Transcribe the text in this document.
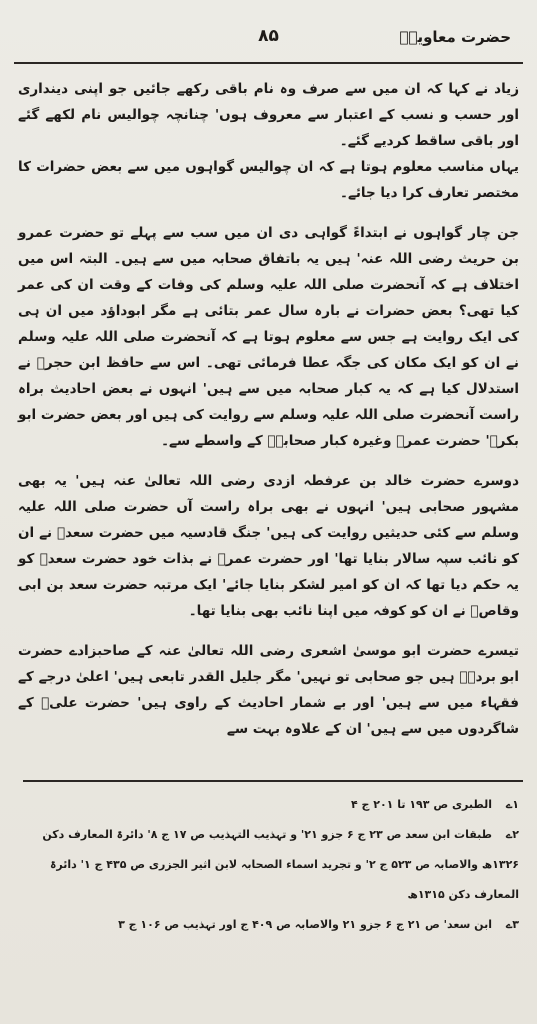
حضرت معاویہؓ
۸۵

زیاد نے کہا کہ ان میں سے صرف وہ نام باقی رکھے جائیں جو اپنی دینداری اور حسب و نسب کے اعتبار سے معروف ہوں' چنانچہ چوالیس نام لکھے گئے اور باقی ساقط کردیے گئے۔

یہاں مناسب معلوم ہوتا ہے کہ ان چوالیس گواہوں میں سے بعض حضرات کا مختصر تعارف کرا دیا جائے۔

جن چار گواہوں نے ابتداءً گواہی دی ان میں سب سے پہلے تو حضرت عمرو بن حریث رضی اللہ عنہ' ہیں یہ باتفاق صحابہ میں سے ہیں۔ البتہ اس میں اختلاف ہے کہ آنحضرت صلی اللہ علیہ وسلم کی وفات کے وقت ان کی عمر کیا تھی؟ بعض حضرات نے بارہ سال عمر بتائی ہے مگر ابوداؤد میں ان ہی کی ایک روایت ہے جس سے معلوم ہوتا ہے کہ آنحضرت صلی اللہ علیہ وسلم نے ان کو ایک مکان کی جگہ عطا فرمائی تھی۔ اس سے حافظ ابن حجرؒ نے استدلال کیا ہے کہ یہ کبار صحابہ میں سے ہیں' انہوں نے بعض احادیث براہ راست آنحضرت صلی اللہ علیہ وسلم سے روایت کی ہیں اور بعض حضرت ابو بکرؓ' حضرت عمرؓ وغیرہ کبار صحابہؓ کے واسطے سے۔

دوسرے حضرت خالد بن عرفطہ ازدی رضی اللہ تعالیٰ عنہ ہیں' یہ بھی مشہور صحابی ہیں' انہوں نے بھی براہ راست آں حضرت صلی اللہ علیہ وسلم سے کئی حدیثیں روایت کی ہیں' جنگ قادسیہ میں حضرت سعدؓ نے ان کو نائب سپہ سالار بنایا تھا' اور حضرت عمرؓ نے بذات خود حضرت سعدؓ کو یہ حکم دیا تھا کہ ان کو امیر لشکر بنایا جائے' ایک مرتبہ حضرت سعد بن ابی وقاصؓ نے ان کو کوفہ میں اپنا نائب بھی بنایا تھا۔

تیسرے حضرت ابو موسیٰ اشعری رضی اللہ تعالیٰ عنہ کے صاحبزادے حضرت ابو بردہؒ ہیں جو صحابی تو نہیں' مگر جلیل القدر تابعی ہیں' اعلیٰ درجے کے فقہاء میں سے ہیں' اور بے شمار احادیث کے راوی ہیں' حضرت علیؓ کے شاگردوں میں سے ہیں' ان کے علاوہ بہت سے

۱ے الطبری ص ۱۹۳ تا ۲۰۱ ج ۴

۲ے طبقات ابن سعد ص ۲۳ ج ۶ جزو ۲۱' و تہذیب التہذیب ص ۱۷ ج ۸' دائرۃ المعارف دکن ۱۳۲۶ھ والاصابہ ص ۵۲۳ ج ۲' و تجرید اسماء الصحابہ لابن اثیر الجزری ص ۴۳۵ ج ۱' دائرۃ المعارف دکن ۱۳۱۵ھ

۳ے ابن سعد' ص ۲۱ ج ۶ جزو ۲۱ والاصابہ ص ۴۰۹ ج اور تہذیب ص ۱۰۶ ج ۳
